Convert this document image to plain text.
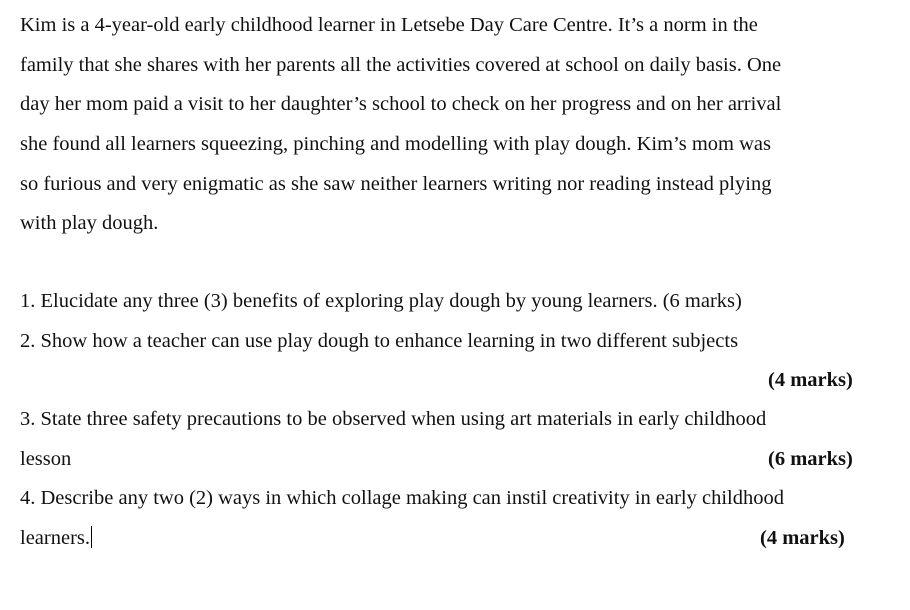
Kim is a 4-year-old early childhood learner in Letsebe Day Care Centre. It’s a norm in the
family that she shares with her parents all the activities covered at school on daily basis. One
day her mom paid a visit to her daughter’s school to check on her progress and on her arrival
she found all learners squeezing, pinching and modelling with play dough. Kim’s mom was
so furious and very enigmatic as she saw neither learners writing nor reading instead plying
with play dough.
1. Elucidate any three (3) benefits of exploring play dough by young learners. (6 marks)
2. Show how a teacher can use play dough to enhance learning in two different subjects
(4 marks)
3. State three safety precautions to be observed when using art materials in early childhood
lesson	(6 marks)
4. Describe any two (2) ways in which collage making can instil creativity in early childhood
learners.	(4 marks)
